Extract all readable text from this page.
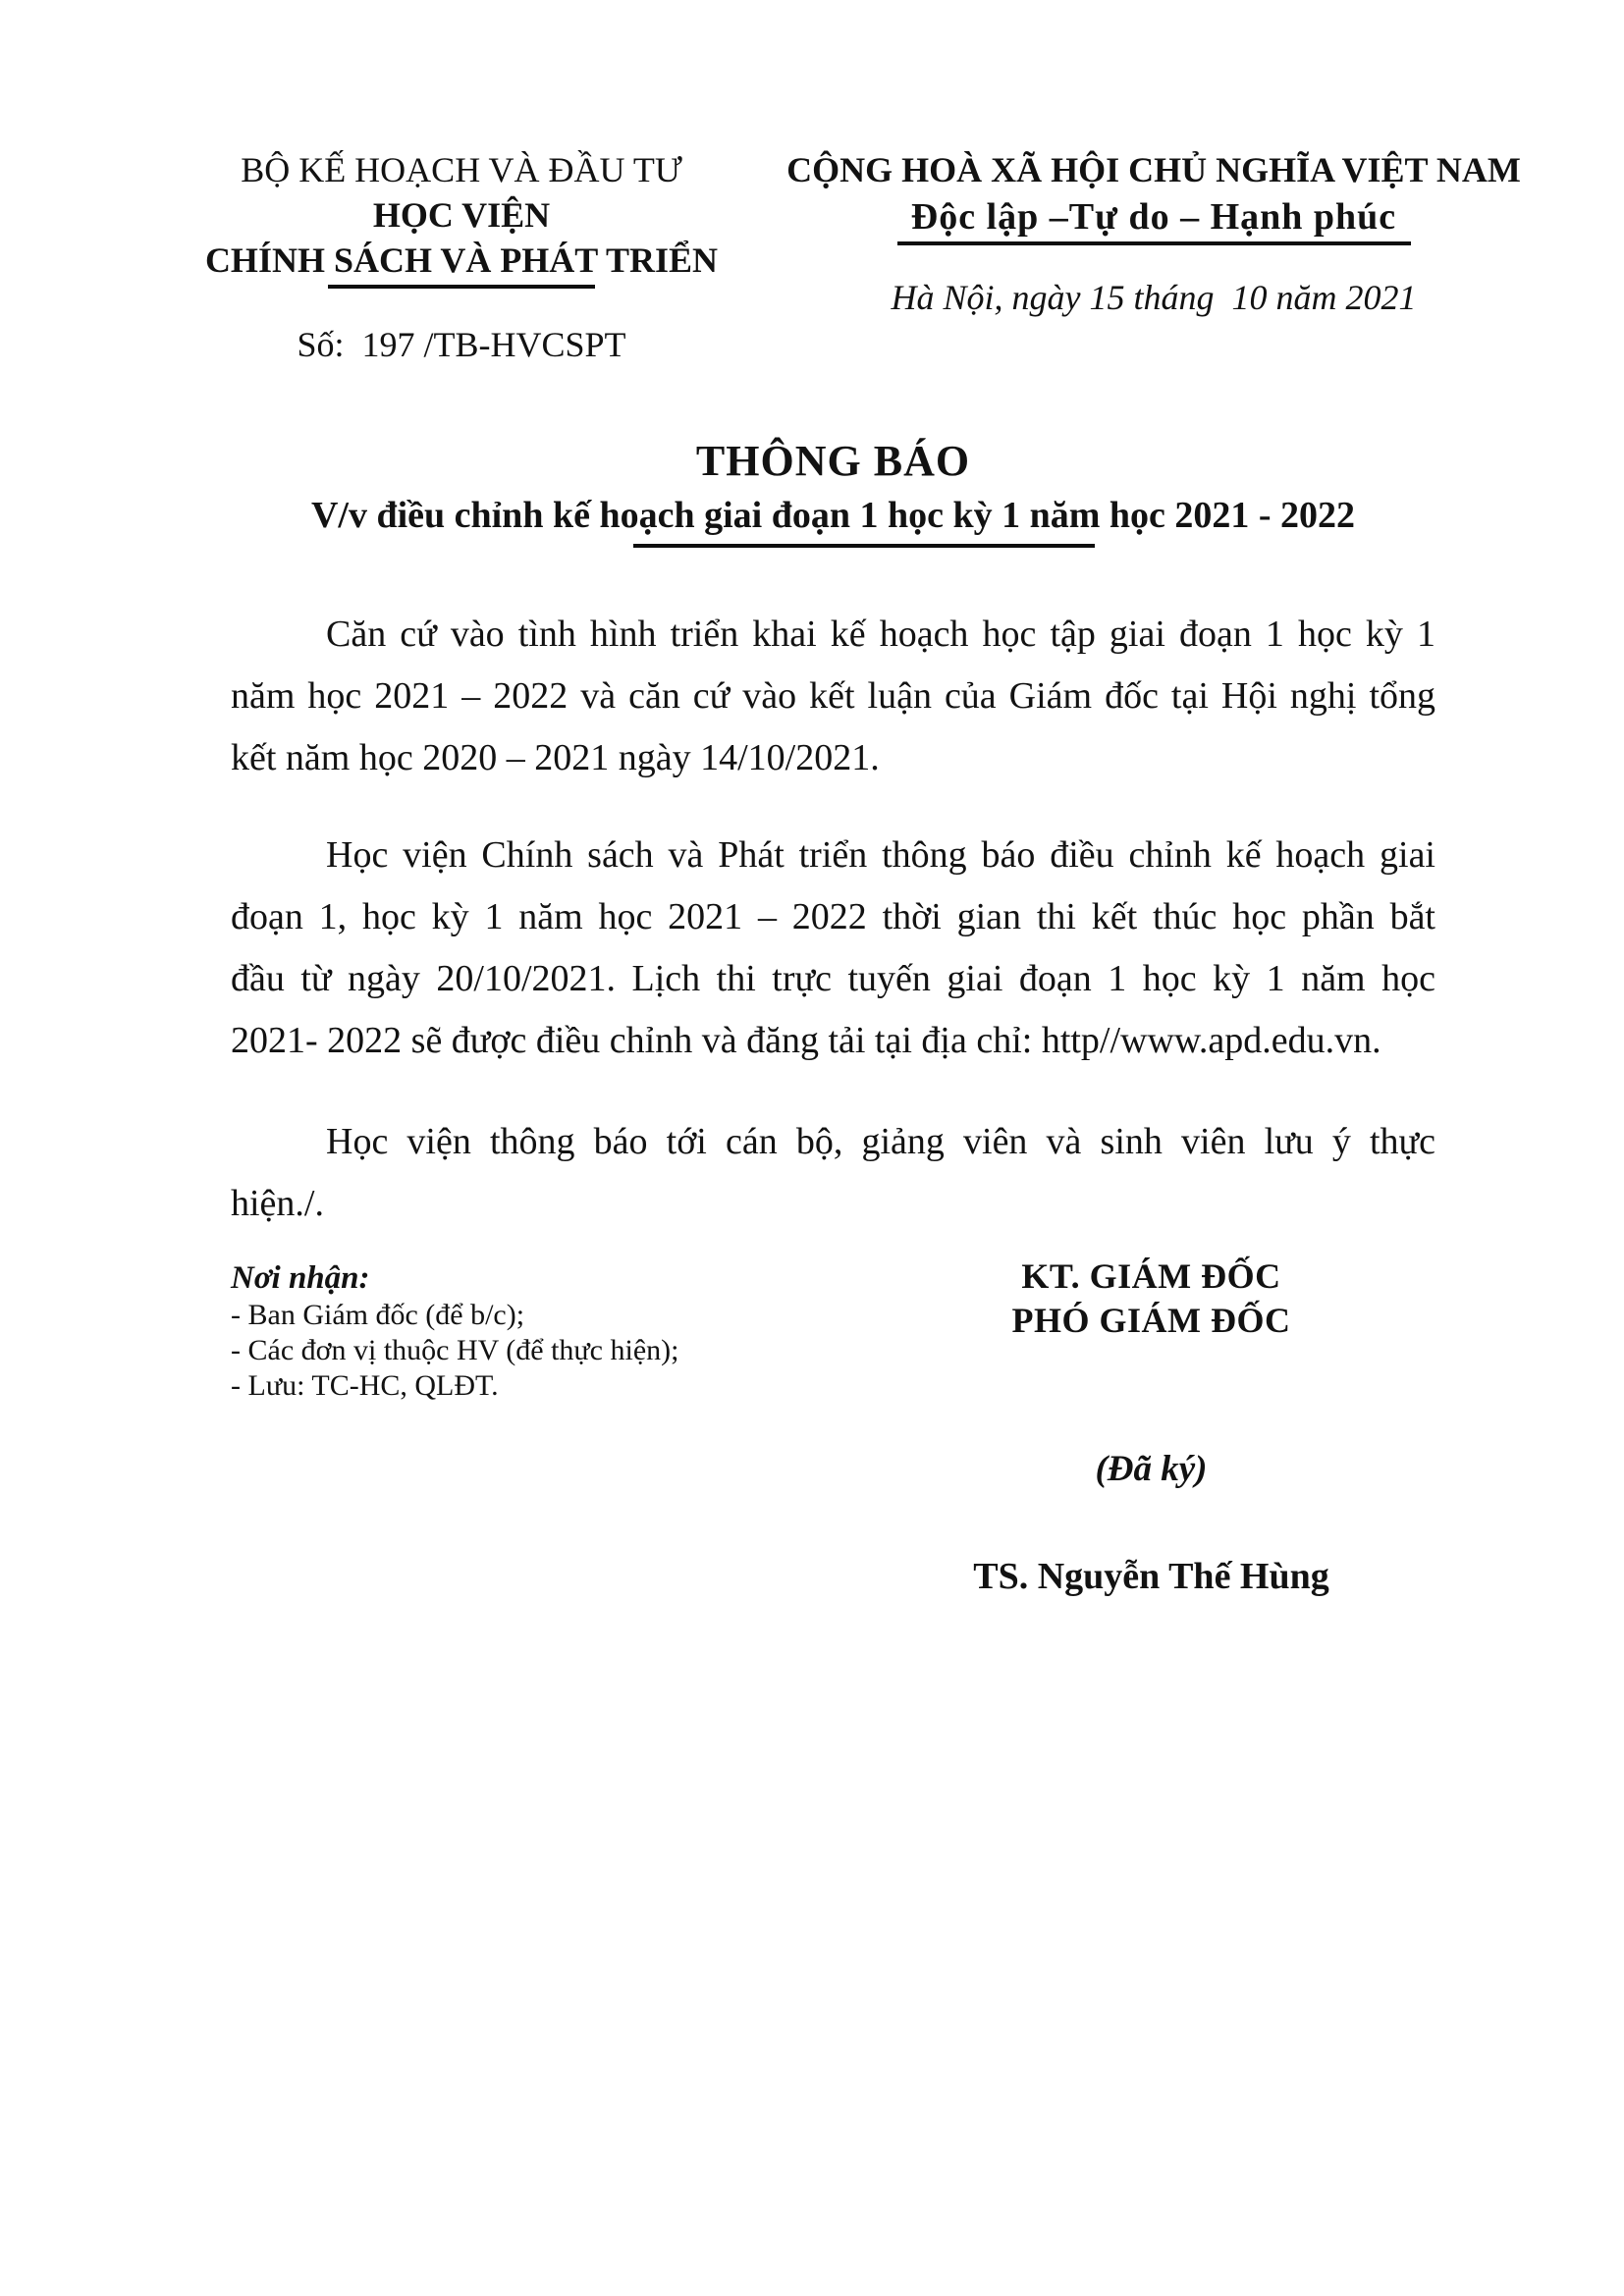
BỘ KẾ HOẠCH VÀ ĐẦU TƯ
HỌC VIỆN
CHÍNH SÁCH VÀ PHÁT TRIỂN
Số:  197 /TB-HVCSPT
CỘNG HOÀ XÃ HỘI CHỦ NGHĨA VIỆT NAM
Độc lập –Tự do – Hạnh phúc
Hà Nội, ngày 15 tháng  10 năm 2021
THÔNG BÁO
V/v điều chỉnh kế hoạch giai đoạn 1 học kỳ 1 năm học 2021 - 2022
Căn cứ vào tình hình triển khai kế hoạch học tập giai đoạn 1 học kỳ 1
năm học 2021 – 2022 và căn cứ vào kết luận của Giám đốc tại Hội nghị tổng
kết năm học 2020 – 2021 ngày 14/10/2021.
Học viện Chính sách và Phát triển thông báo điều chỉnh kế hoạch giai
đoạn 1, học kỳ 1 năm học 2021 – 2022 thời gian thi kết thúc học phần bắt
đầu từ ngày 20/10/2021. Lịch thi trực tuyến giai đoạn 1 học kỳ 1 năm học
2021- 2022 sẽ được điều chỉnh và đăng tải tại địa chỉ: http//www.apd.edu.vn.
Học viện thông báo tới cán bộ, giảng viên và sinh viên lưu ý thực
hiện./.
Nơi nhận:
- Ban Giám đốc (để b/c);
- Các đơn vị thuộc HV (để thực hiện);
- Lưu: TC-HC, QLĐT.
KT. GIÁM ĐỐC
PHÓ GIÁM ĐỐC
(Đã ký)
TS. Nguyễn Thế Hùng
